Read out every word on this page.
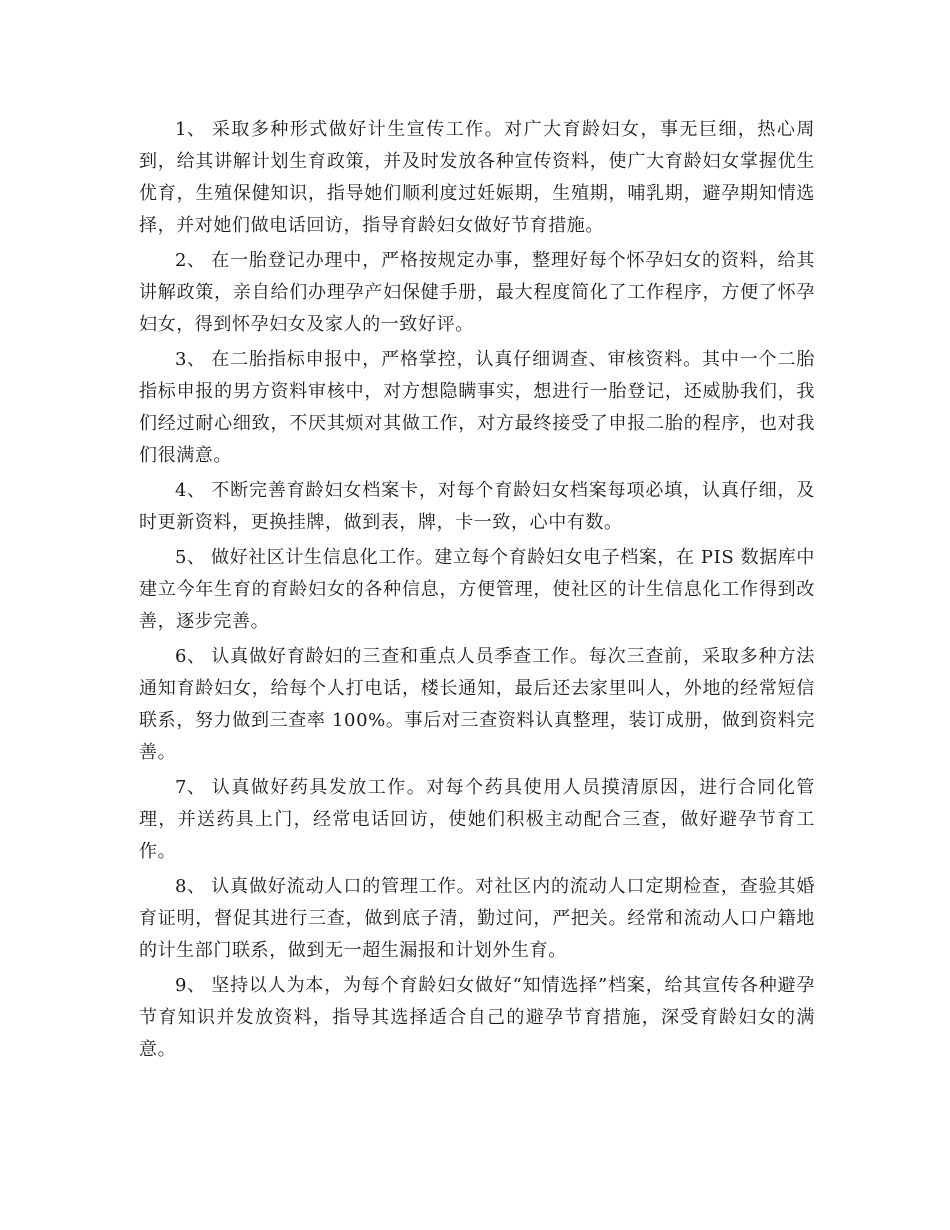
1、 采取多种形式做好计生宣传工作。对广大育龄妇女，事无巨细，热心周到，给其讲解计划生育政策，并及时发放各种宣传资料，使广大育龄妇女掌握优生优育，生殖保健知识，指导她们顺利度过妊娠期，生殖期，哺乳期，避孕期知情选择，并对她们做电话回访，指导育龄妇女做好节育措施。

2、 在一胎登记办理中，严格按规定办事，整理好每个怀孕妇女的资料，给其讲解政策，亲自给们办理孕产妇保健手册，最大程度简化了工作程序，方便了怀孕妇女，得到怀孕妇女及家人的一致好评。

3、 在二胎指标申报中，严格掌控，认真仔细调查、审核资料。其中一个二胎指标申报的男方资料审核中，对方想隐瞒事实，想进行一胎登记，还威胁我们，我们经过耐心细致，不厌其烦对其做工作，对方最终接受了申报二胎的程序，也对我们很满意。

4、 不断完善育龄妇女档案卡，对每个育龄妇女档案每项必填，认真仔细，及时更新资料，更换挂牌，做到表，牌，卡一致，心中有数。

5、 做好社区计生信息化工作。建立每个育龄妇女电子档案，在 PIS 数据库中建立今年生育的育龄妇女的各种信息，方便管理，使社区的计生信息化工作得到改善，逐步完善。

6、 认真做好育龄妇的三查和重点人员季查工作。每次三查前，采取多种方法通知育龄妇女，给每个人打电话，楼长通知，最后还去家里叫人，外地的经常短信联系，努力做到三查率 100%。事后对三查资料认真整理，装订成册，做到资料完善。

7、 认真做好药具发放工作。对每个药具使用人员摸清原因，进行合同化管理，并送药具上门，经常电话回访，使她们积极主动配合三查，做好避孕节育工作。

8、 认真做好流动人口的管理工作。对社区内的流动人口定期检查，查验其婚育证明，督促其进行三查，做到底子清，勤过问，严把关。经常和流动人口户籍地的计生部门联系，做到无一超生漏报和计划外生育。

9、 坚持以人为本，为每个育龄妇女做好“知情选择”档案，给其宣传各种避孕节育知识并发放资料，指导其选择适合自己的避孕节育措施，深受育龄妇女的满意。
